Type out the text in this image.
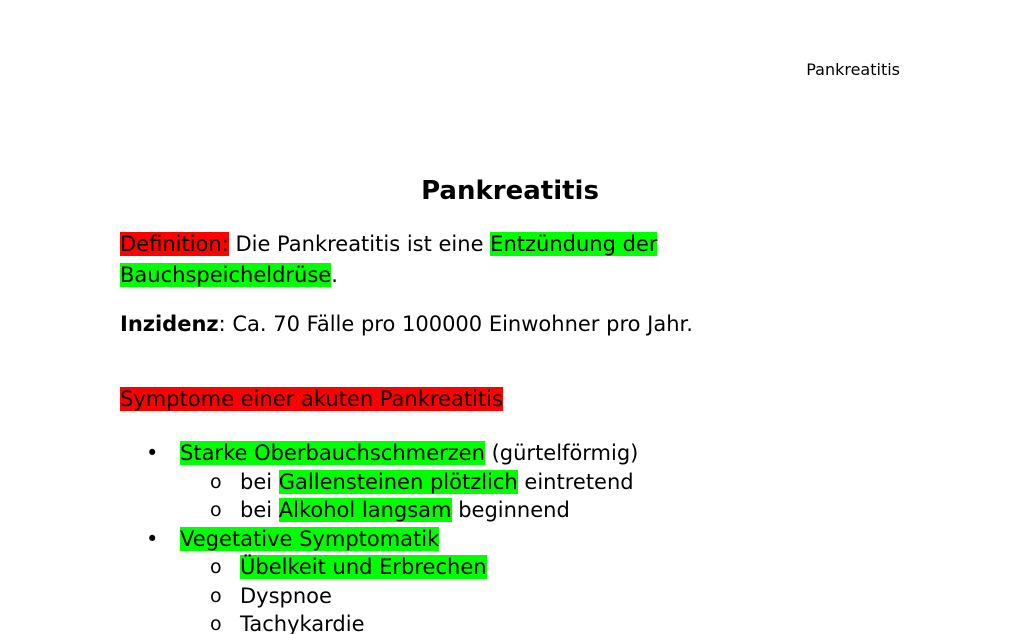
Pankreatitis
Pankreatitis
Definition: Die Pankreatitis ist eine Entzündung der
Bauchspeicheldrüse.
Inzidenz: Ca. 70 Fälle pro 100000 Einwohner pro Jahr.
Symptome einer akuten Pankreatitis
• Starke Oberbauchschmerzen (gürtelförmig)
o bei Gallensteinen plötzlich eintretend
o bei Alkohol langsam beginnend
• Vegetative Symptomatik
o Übelkeit und Erbrechen
o Dyspnoe
o Tachykardie
